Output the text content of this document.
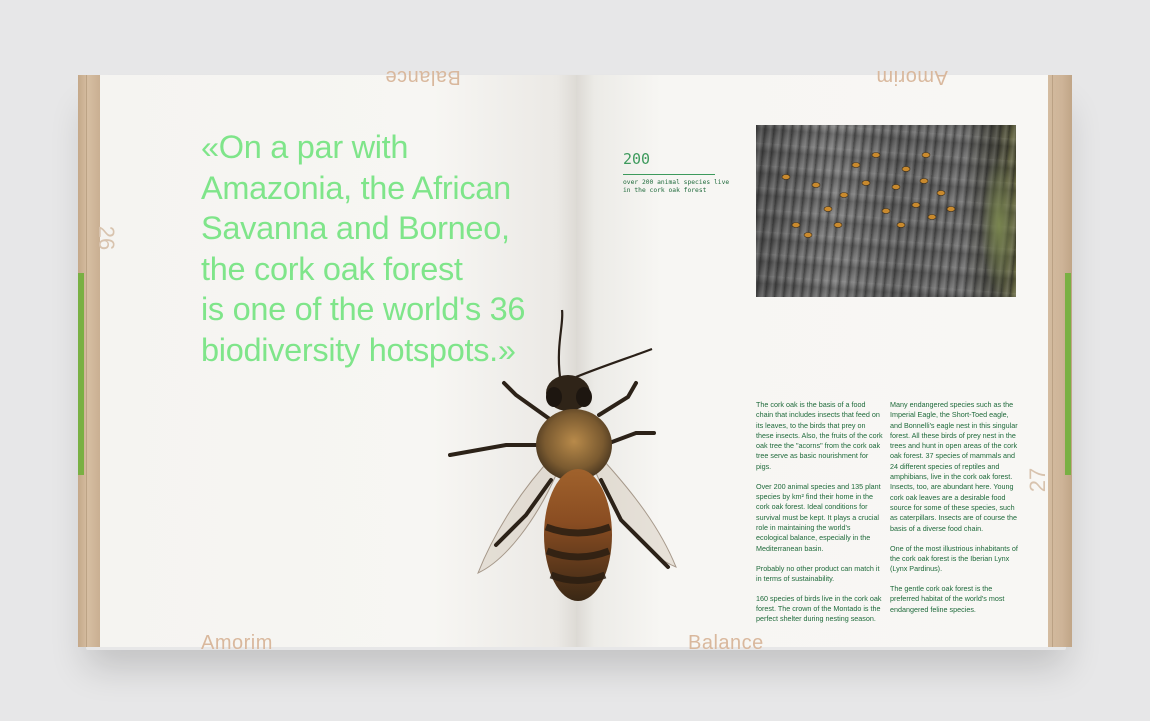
Balance
26
«On a par with
Amazonia, the African
Savanna and Borneo,
the cork oak forest
is one of the world's 36
biodiversity hotspots.»
Amorim
Amorim
27
200
over 200 animal species live in the cork oak forest

The cork oak is the basis of a food chain that includes insects that feed on its leaves, to the birds that prey on these insects. Also, the fruits of the cork oak tree the "acorns" from the cork oak tree serve as basic nourishment for pigs.

Over 200 animal species and 135 plant species by km² find their home in the cork oak forest. Ideal conditions for survival must be kept. It plays a crucial role in maintaining the world's ecological balance, especially in the Mediterranean basin.

Probably no other product can match it in terms of sustainability.

160 species of birds live in the cork oak forest. The crown of the Montado is the perfect shelter during nesting season.

Many endangered species such as the Imperial Eagle, the Short-Toed eagle, and Bonnelli's eagle nest in this singular forest. All these birds of prey nest in the trees and hunt in open areas of the cork oak forest. 37 species of mammals and 24 different species of reptiles and amphibians, live in the cork oak forest. Insects, too, are abundant here. Young cork oak leaves are a desirable food source for some of these species, such as caterpillars. Insects are of course the basis of a diverse food chain.

One of the most illustrious inhabitants of the cork oak forest is the Iberian Lynx (Lynx Pardinus).

The gentle cork oak forest is the preferred habitat of the world's most endangered feline species.

Balance
